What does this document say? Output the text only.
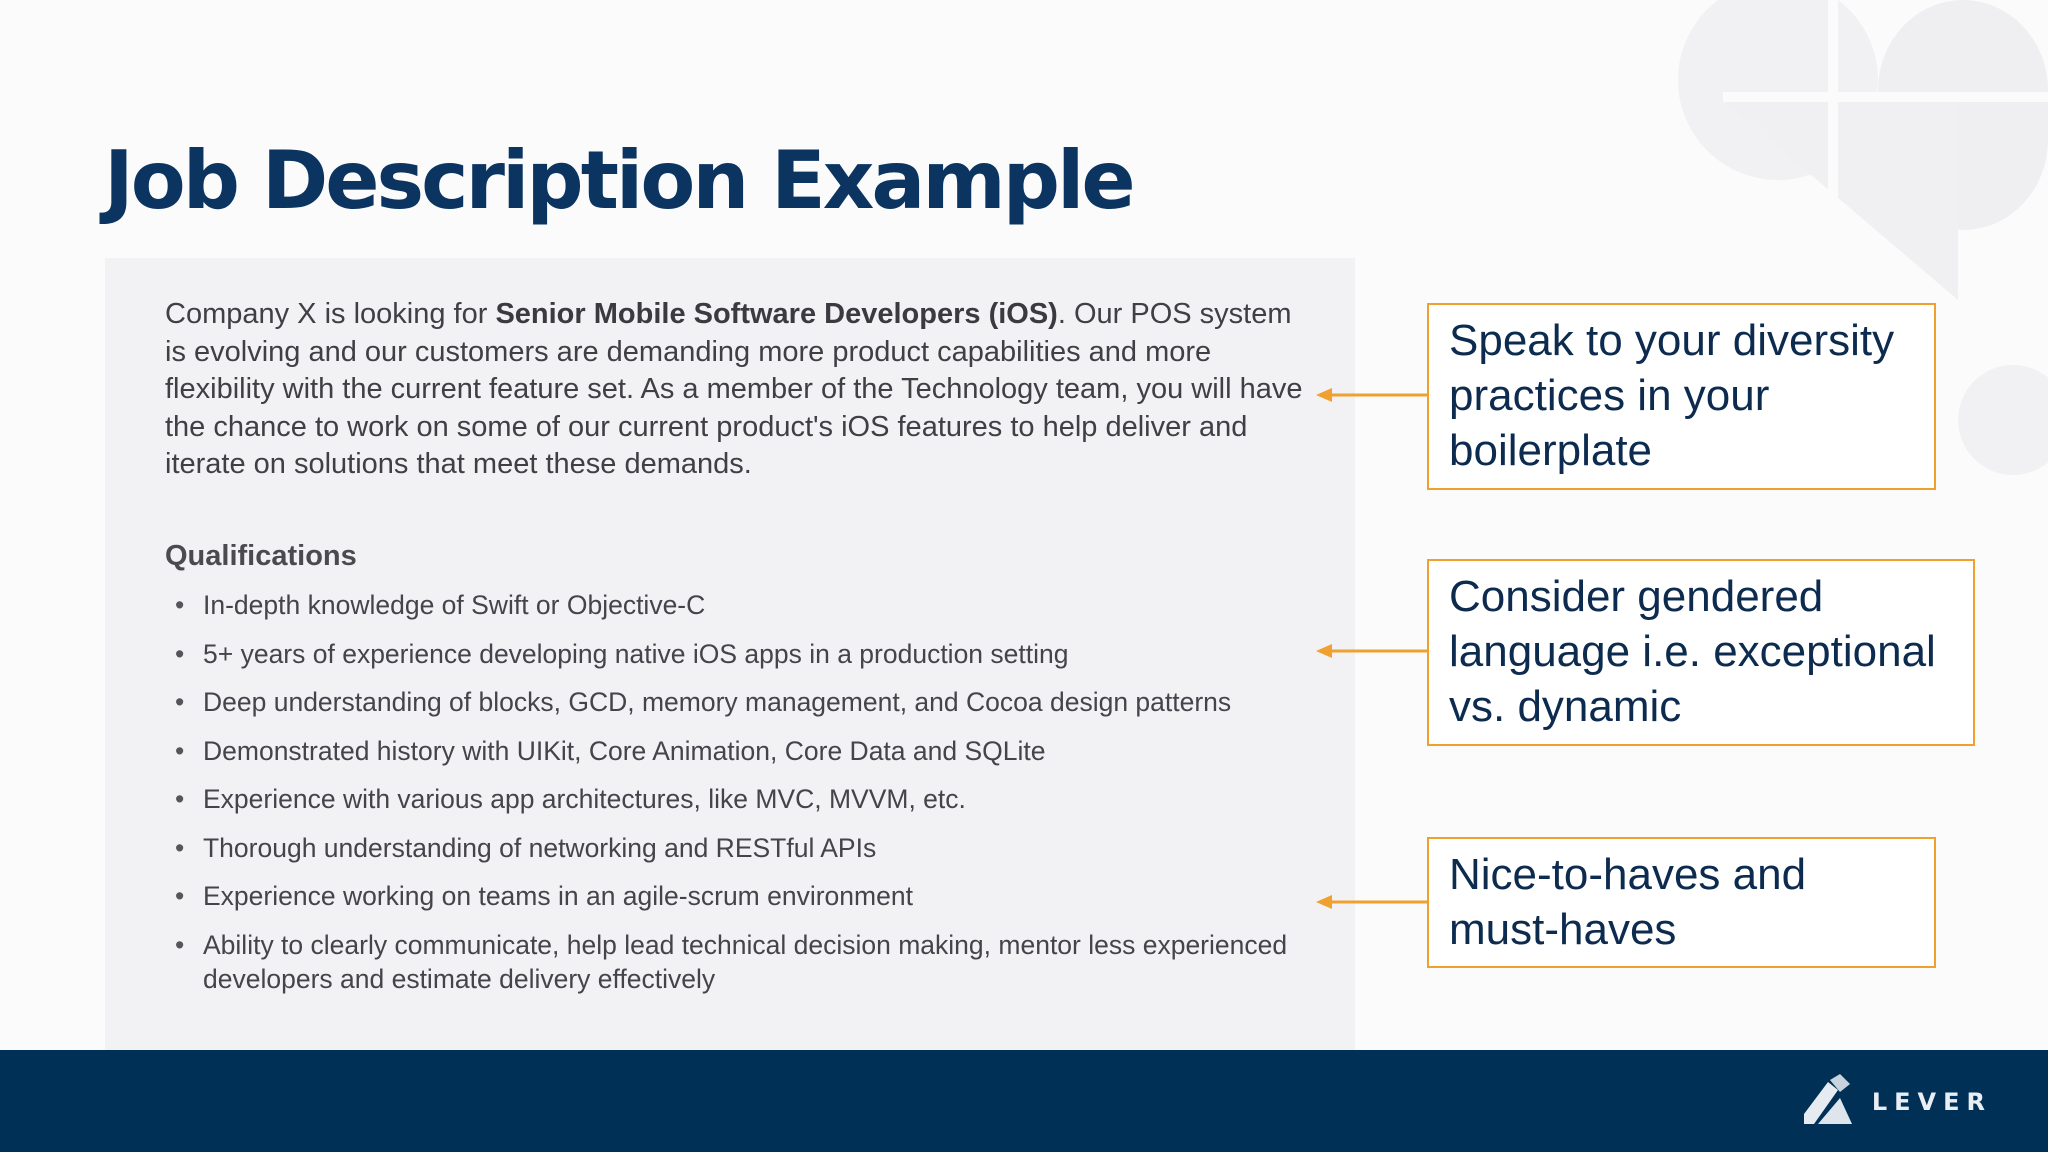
Job Description Example

Company X is looking for Senior Mobile Software Developers (iOS). Our POS system is evolving and our customers are demanding more product capabilities and more flexibility with the current feature set. As a member of the Technology team, you will have the chance to work on some of our current product's iOS features to help deliver and iterate on solutions that meet these demands.

Qualifications
• In-depth knowledge of Swift or Objective-C
• 5+ years of experience developing native iOS apps in a production setting
• Deep understanding of blocks, GCD, memory management, and Cocoa design patterns
• Demonstrated history with UIKit, Core Animation, Core Data and SQLite
• Experience with various app architectures, like MVC, MVVM, etc.
• Thorough understanding of networking and RESTful APIs
• Experience working on teams in an agile-scrum environment
• Ability to clearly communicate, help lead technical decision making, mentor less experienced developers and estimate delivery effectively
Speak to your diversity practices in your boilerplate
Consider gendered language i.e. exceptional vs. dynamic
Nice-to-haves and must-haves
LEVER
